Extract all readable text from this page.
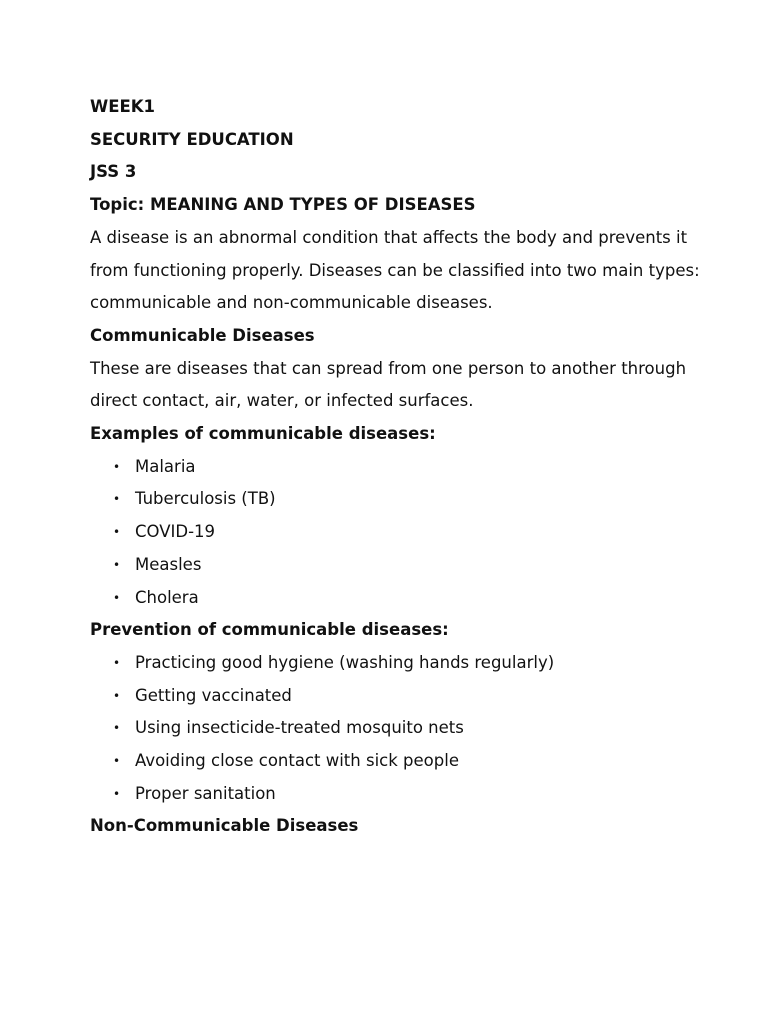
WEEK1

SECURITY EDUCATION

JSS 3

Topic: MEANING AND TYPES OF DISEASES

A disease is an abnormal condition that affects the body and prevents it

from functioning properly. Diseases can be classified into two main types:

communicable and non-communicable diseases.

Communicable Diseases

These are diseases that can spread from one person to another through

direct contact, air, water, or infected surfaces.

Examples of communicable diseases:

• Malaria
• Tuberculosis (TB)
• COVID-19
• Measles
• Cholera

Prevention of communicable diseases:

• Practicing good hygiene (washing hands regularly)
• Getting vaccinated
• Using insecticide-treated mosquito nets
• Avoiding close contact with sick people
• Proper sanitation

Non-Communicable Diseases
